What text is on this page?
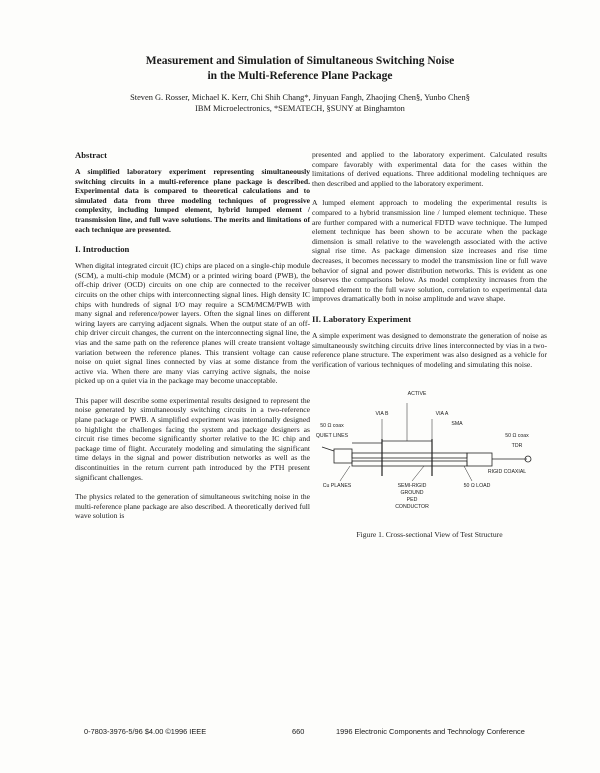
Measurement and Simulation of Simultaneous Switching Noise

in the Multi-Reference Plane Package

Steven G. Rosser, Michael K. Kerr, Chi Shih Chang*, Jinyuan Fangh, Zhaojing Chen§, Yunbo Chen§

IBM Microelectronics, *SEMATECH, §SUNY at Binghamton

Abstract

A simplified laboratory experiment representing simultaneously switching circuits in a multi-reference plane package is described. Experimental data is compared to theoretical calculations and to simulated data from three modeling techniques of progressive complexity, including lumped element, hybrid lumped element / transmission line, and full wave solutions. The merits and limitations of each technique are presented.

I. Introduction

When digital integrated circuit (IC) chips are placed on a single-chip module (SCM), a multi-chip module (MCM) or a printed wiring board (PWB), the off-chip driver (OCD) circuits on one chip are connected to the receiver circuits on the other chips with interconnecting signal lines. High density IC chips with hundreds of signal I/O may require a SCM/MCM/PWB with many signal and reference/power layers. Often the signal lines on different wiring layers are carrying adjacent signals. When the output state of an off-chip driver circuit changes, the current on the interconnecting signal line, the vias and the same path on the reference planes will create transient voltage variation between the reference planes. This transient voltage can cause noise on quiet signal lines connected by vias at some distance from the active via. When there are many vias carrying active signals, the noise picked up on a quiet via in the package may become unacceptable.

This paper will describe some experimental results designed to represent the noise generated by simultaneously switching circuits in a two-reference plane package or PWB. A simplified experiment was intentionally designed to highlight the challenges facing the system and package designers as circuit rise times become significantly shorter relative to the IC chip and package time of flight. Accurately modeling and simulating the significant time delays in the signal and power distribution networks as well as the discontinuities in the return current path introduced by the PTH present significant challenges.

The physics related to the generation of simultaneous switching noise in the multi-reference plane package are also described. A theoretically derived full wave solution is

presented and applied to the laboratory experiment. Calculated results compare favorably with experimental data for the cases within the limitations of derived equations. Three additional modeling techniques are then described and applied to the laboratory experiment.

A lumped element approach to modeling the experimental results is compared to a hybrid transmission line / lumped element technique. These are further compared with a numerical FDTD wave technique. The lumped element technique has been shown to be accurate when the package dimension is small relative to the wavelength associated with the active signal rise time. As package dimension size increases and rise time decreases, it becomes necessary to model the transmission line or full wave behavior of signal and power distribution networks. This is evident as one observes the comparisons below. As model complexity increases from the lumped element to the full wave solution, correlation to experimental data improves dramatically both in noise amplitude and wave shape.

II. Laboratory Experiment

A simple experiment was designed to demonstrate the generation of noise as simultaneously switching circuits drive lines interconnected by vias in a two-reference plane structure. The experiment was also designed as a vehicle for verification of various techniques of modeling and simulating this noise.

VIA B
ACTIVE
VIA A
QUIET LINES
50 Ω coax	SMA
50 Ω coax
TDR
Cu PLANES
RIGID COAXIAL
SEMI-RIGID
GROUND
PED
CONDUCTOR
50 Ω LOAD
Figure 1. Cross-sectional View of Test Structure
0-7803-3976-5/96 $4.00 ©1996 IEEE	660	1996 Electronic Components and Technology Conference
